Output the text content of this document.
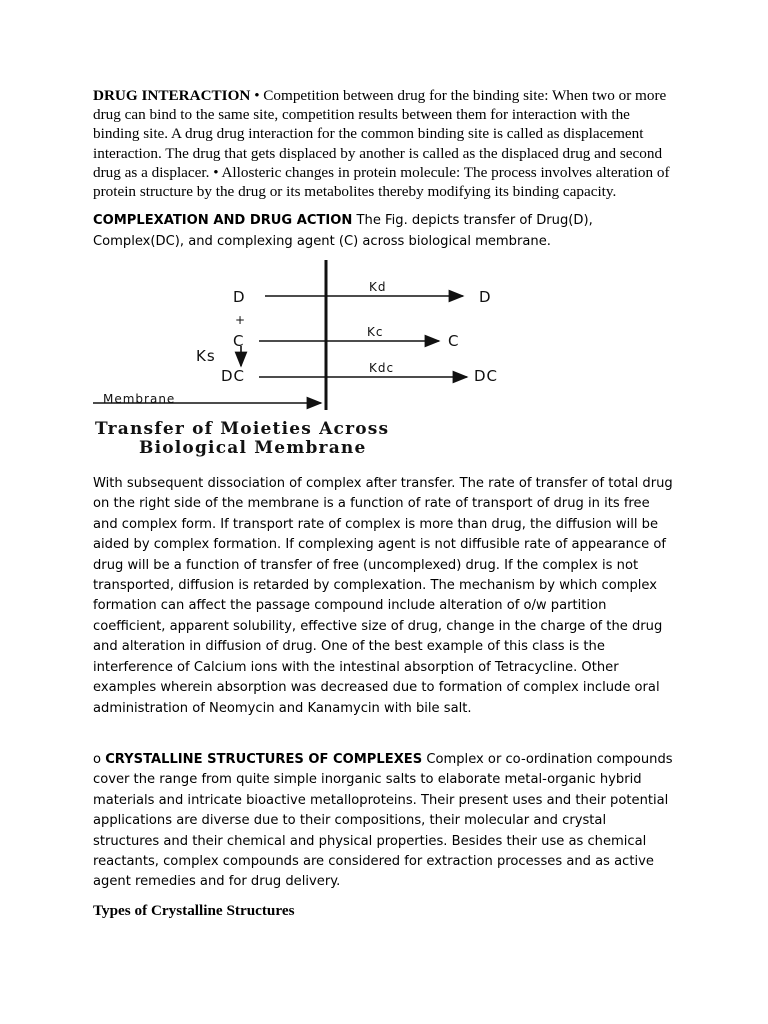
DRUG INTERACTION • Competition between drug for the binding site: When two or more drug can bind to the same site, competition results between them for interaction with the binding site. A drug drug interaction for the common binding site is called as displacement interaction. The drug that gets displaced by another is called as the displaced drug and second drug as a displacer. • Allosteric changes in protein molecule: The process involves alteration of protein structure by the drug or its metabolites thereby modifying its binding capacity.

COMPLEXATION AND DRUG ACTION The Fig. depicts transfer of Drug(D), Complex(DC), and complexing agent (C) across biological membrane.

D
+
C
Ks
DC
Membrane
Kd
Kc
Kdc
D
C
DC
Transfer of Moieties Across
Biological Membrane

With subsequent dissociation of complex after transfer. The rate of transfer of total drug on the right side of the membrane is a function of rate of transport of drug in its free and complex form. If transport rate of complex is more than drug, the diffusion will be aided by complex formation. If complexing agent is not diffusible rate of appearance of drug will be a function of transfer of free (uncomplexed) drug. If the complex is not transported, diffusion is retarded by complexation. The mechanism by which complex formation can affect the passage compound include alteration of o/w partition coefficient, apparent solubility, effective size of drug, change in the charge of the drug and alteration in diffusion of drug. One of the best example of this class is the interference of Calcium ions with the intestinal absorption of Tetracycline. Other examples wherein absorption was decreased due to formation of complex include oral administration of Neomycin and Kanamycin with bile salt.

o CRYSTALLINE STRUCTURES OF COMPLEXES Complex or co-ordination compounds cover the range from quite simple inorganic salts to elaborate metal-organic hybrid materials and intricate bioactive metalloproteins. Their present uses and their potential applications are diverse due to their compositions, their molecular and crystal structures and their chemical and physical properties. Besides their use as chemical reactants, complex compounds are considered for extraction processes and as active agent remedies and for drug delivery.

Types of Crystalline Structures
